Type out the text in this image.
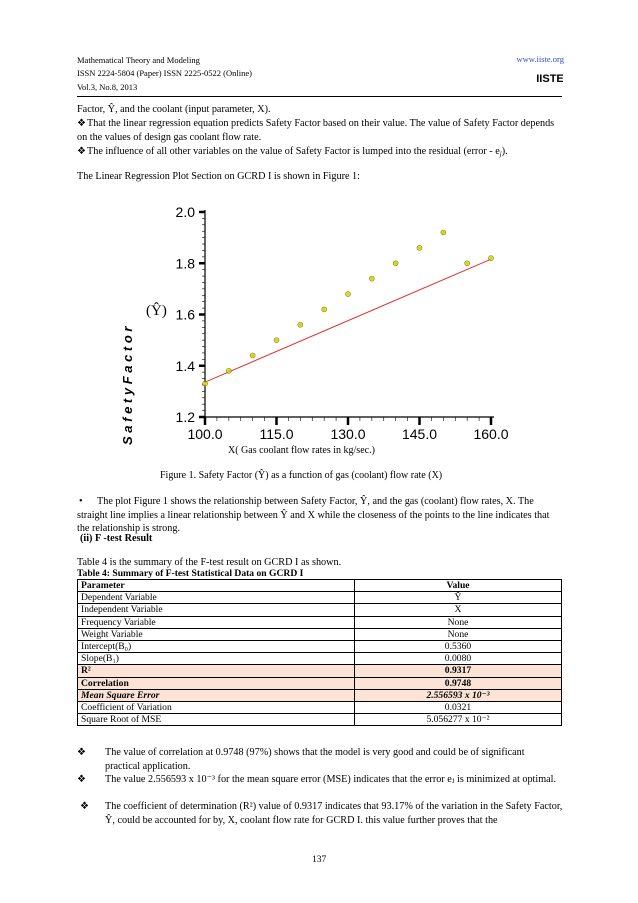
Mathematical Theory and Modeling
ISSN 2224-5804 (Paper) ISSN 2225-0522 (Online)
Vol.3, No.8, 2013
www.iiste.org
IISTE
Factor, Ŷ, and the coolant (input parameter, X).
❖That the linear regression equation predicts Safety Factor based on their value. The value of Safety Factor depends on the values of design gas coolant flow rate.
❖The influence of all other variables on the value of Safety Factor is lumped into the residual (error - ej).
The Linear Regression Plot Section on GCRD I is shown in Figure 1:
S a f e t y F a c t o r
(Ŷ)
1.2
1.4
1.6
1.8
2.0
100.0	115.0	130.0	145.0	160.0
X( Gas coolant flow rates in kg/sec.)
Figure 1. Safety Factor (Ŷ) as a function of gas (coolant) flow rate (X)
• The plot Figure 1 shows the relationship between Safety Factor, Ŷ, and the gas (coolant) flow rates, X. The straight line implies a linear relationship between Ŷ and X while the closeness of the points to the line indicates that the relationship is strong.
(ii) F -test Result
Table 4 is the summary of the F-test result on GCRD I as shown.
Table 4: Summary of F-test Statistical Data on GCRD I
Parameter	Value
Dependent Variable	Ŷ
Independent Variable	X
Frequency Variable	None
Weight Variable	None
Intercept(B₀)	0.5360
Slope(B₁)	0.0080
R²	0.9317
Correlation	0.9748
Mean Square Error	2.556593 x 10⁻³
Coefficient of Variation	0.0321
Square Root of MSE	5.056277 x 10⁻²
❖	The value of correlation at 0.9748 (97%) shows that the model is very good and could be of significant practical application.
❖	The value 2.556593 x 10⁻³ for the mean square error (MSE) indicates that the error eⱼ is minimized at optimal.
❖	The coefficient of determination (R²) value of 0.9317 indicates that 93.17% of the variation in the Safety Factor, Ŷ, could be accounted for by, X, coolant flow rate for GCRD I. this value further proves that the
137
